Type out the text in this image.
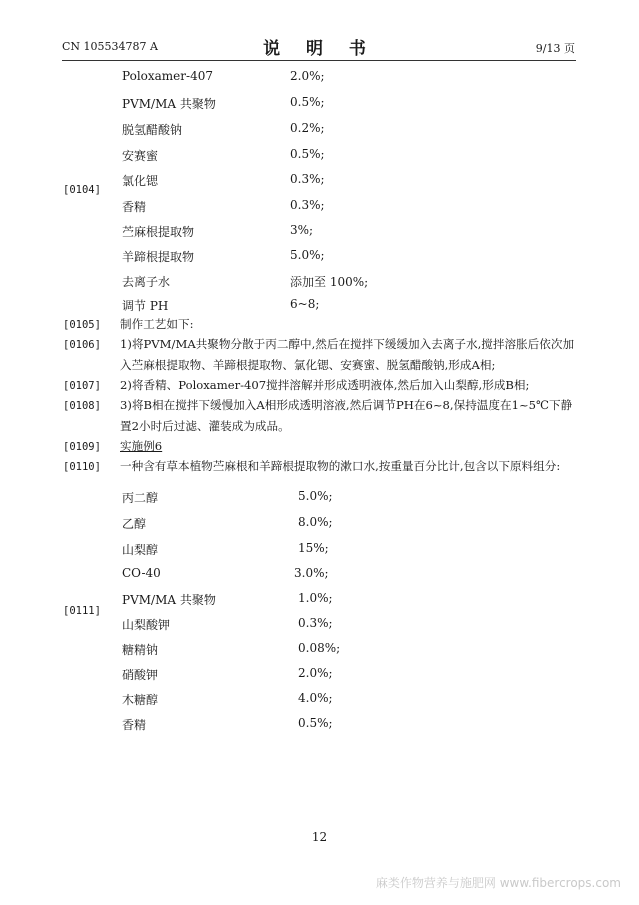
CN 105534787 A	说 明 书	9/13 页
[0104]
Poloxamer-407	2.0%;
PVM/MA 共聚物	0.5%;
脱氢醋酸钠	0.2%;
安赛蜜	0.5%;
氯化锶	0.3%;
香精	0.3%;
苎麻根提取物	3%;
羊蹄根提取物	5.0%;
去离子水	添加至 100%;
调节 PH	6~8;
[0105] 制作工艺如下:
[0106] 1)将PVM/MA共聚物分散于丙二醇中,然后在搅拌下缓缓加入去离子水,搅拌溶胀后依次加入苎麻根提取物、羊蹄根提取物、氯化锶、安赛蜜、脱氢醋酸钠,形成A相;
[0107] 2)将香精、Poloxamer-407搅拌溶解并形成透明液体,然后加入山梨醇,形成B相;
[0108] 3)将B相在搅拌下缓慢加入A相形成透明溶液,然后调节PH在6~8,保持温度在1~5℃下静置2小时后过滤、灌装成为成品。
[0109] 实施例6
[0110] 一种含有草本植物苎麻根和羊蹄根提取物的漱口水,按重量百分比计,包含以下原料组分:
[0111]
丙二醇	5.0%;
乙醇	8.0%;
山梨醇	15%;
CO-40	3.0%;
PVM/MA 共聚物	1.0%;
山梨酸钾	0.3%;
糖精钠	0.08%;
硝酸钾	2.0%;
木糖醇	4.0%;
香精	0.5%;
12
麻类作物营养与施肥网 www.fibercrops.com
